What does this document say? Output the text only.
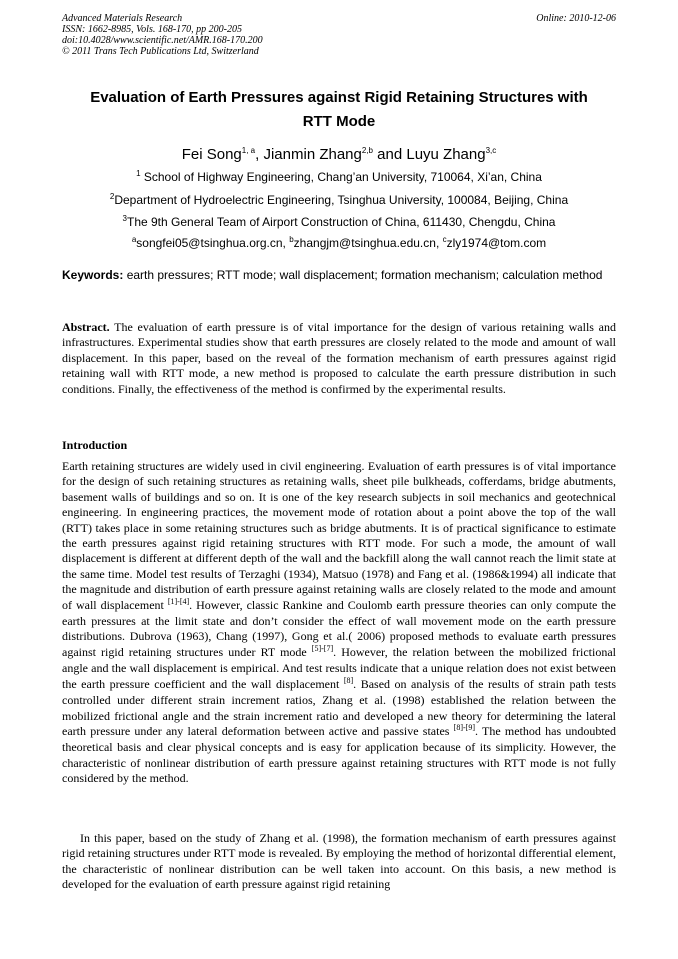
Advanced Materials Research
ISSN: 1662-8985, Vols. 168-170, pp 200-205
doi:10.4028/www.scientific.net/AMR.168-170.200
© 2011 Trans Tech Publications Ltd, Switzerland
Online: 2010-12-06
Evaluation of Earth Pressures against Rigid Retaining Structures with
RTT Mode
Fei Song$^{1, a}$, Jianmin Zhang$^{2,b}$ and Luyu Zhang$^{3,c}$
$^1$ School of Highway Engineering, Chang’an University, 710064, Xi’an, China
$^2$Department of Hydroelectric Engineering, Tsinghua University, 100084, Beijing, China
$^3$The 9th General Team of Airport Construction of China, 611430, Chengdu, China
$^a$songfei05@tsinghua.org.cn, $^b$zhangjm@tsinghua.edu.cn, $^c$zly1974@tom.com
Keywords: earth pressures; RTT mode; wall displacement; formation mechanism; calculation method
Abstract. The evaluation of earth pressure is of vital importance for the design of various retaining walls and infrastructures. Experimental studies show that earth pressures are closely related to the mode and amount of wall displacement. In this paper, based on the reveal of the formation mechanism of earth pressures against rigid retaining wall with RTT mode, a new method is proposed to calculate the earth pressure distribution in such conditions. Finally, the effectiveness of the method is confirmed by the experimental results.
Introduction
Earth retaining structures are widely used in civil engineering. Evaluation of earth pressures is of vital importance for the design of such retaining structures as retaining walls, sheet pile bulkheads, cofferdams, bridge abutments, basement walls of buildings and so on. It is one of the key research subjects in soil mechanics and geotechnical engineering. In engineering practices, the movement mode of rotation about a point above the top of the wall (RTT) takes place in some retaining structures such as bridge abutments. It is of practical significance to estimate the earth pressures against rigid retaining structures with RTT mode. For such a mode, the amount of wall displacement is different at different depth of the wall and the backfill along the wall cannot reach the limit state at the same time. Model test results of Terzaghi (1934), Matsuo (1978) and Fang et al. (1986&1994) all indicate that the magnitude and distribution of earth pressure against retaining walls are closely related to the mode and amount of wall displacement [1]-[4]. However, classic Rankine and Coulomb earth pressure theories can only compute the earth pressures at the limit state and don’t consider the effect of wall movement mode on the earth pressure distributions. Dubrova (1963), Chang (1997), Gong et al.( 2006) proposed methods to evaluate earth pressures against rigid retaining structures under RT mode [5]-[7]. However, the relation between the mobilized frictional angle and the wall displacement is empirical. And test results indicate that a unique relation does not exist between the earth pressure coefficient and the wall displacement [8]. Based on analysis of the results of strain path tests controlled under different strain increment ratios, Zhang et al. (1998) established the relation between the mobilized frictional angle and the strain increment ratio and developed a new theory for determining the lateral earth pressure under any lateral deformation between active and passive states [8]-[9]. The method has undoubted theoretical basis and clear physical concepts and is easy for application because of its simplicity. However, the characteristic of nonlinear distribution of earth pressure against retaining structures with RTT mode is not fully considered by the method.
In this paper, based on the study of Zhang et al. (1998), the formation mechanism of earth pressures against rigid retaining structures under RTT mode is revealed. By employing the method of horizontal differential element, the characteristic of nonlinear distribution can be well taken into account. On this basis, a new method is developed for the evaluation of earth pressure against rigid retaining
